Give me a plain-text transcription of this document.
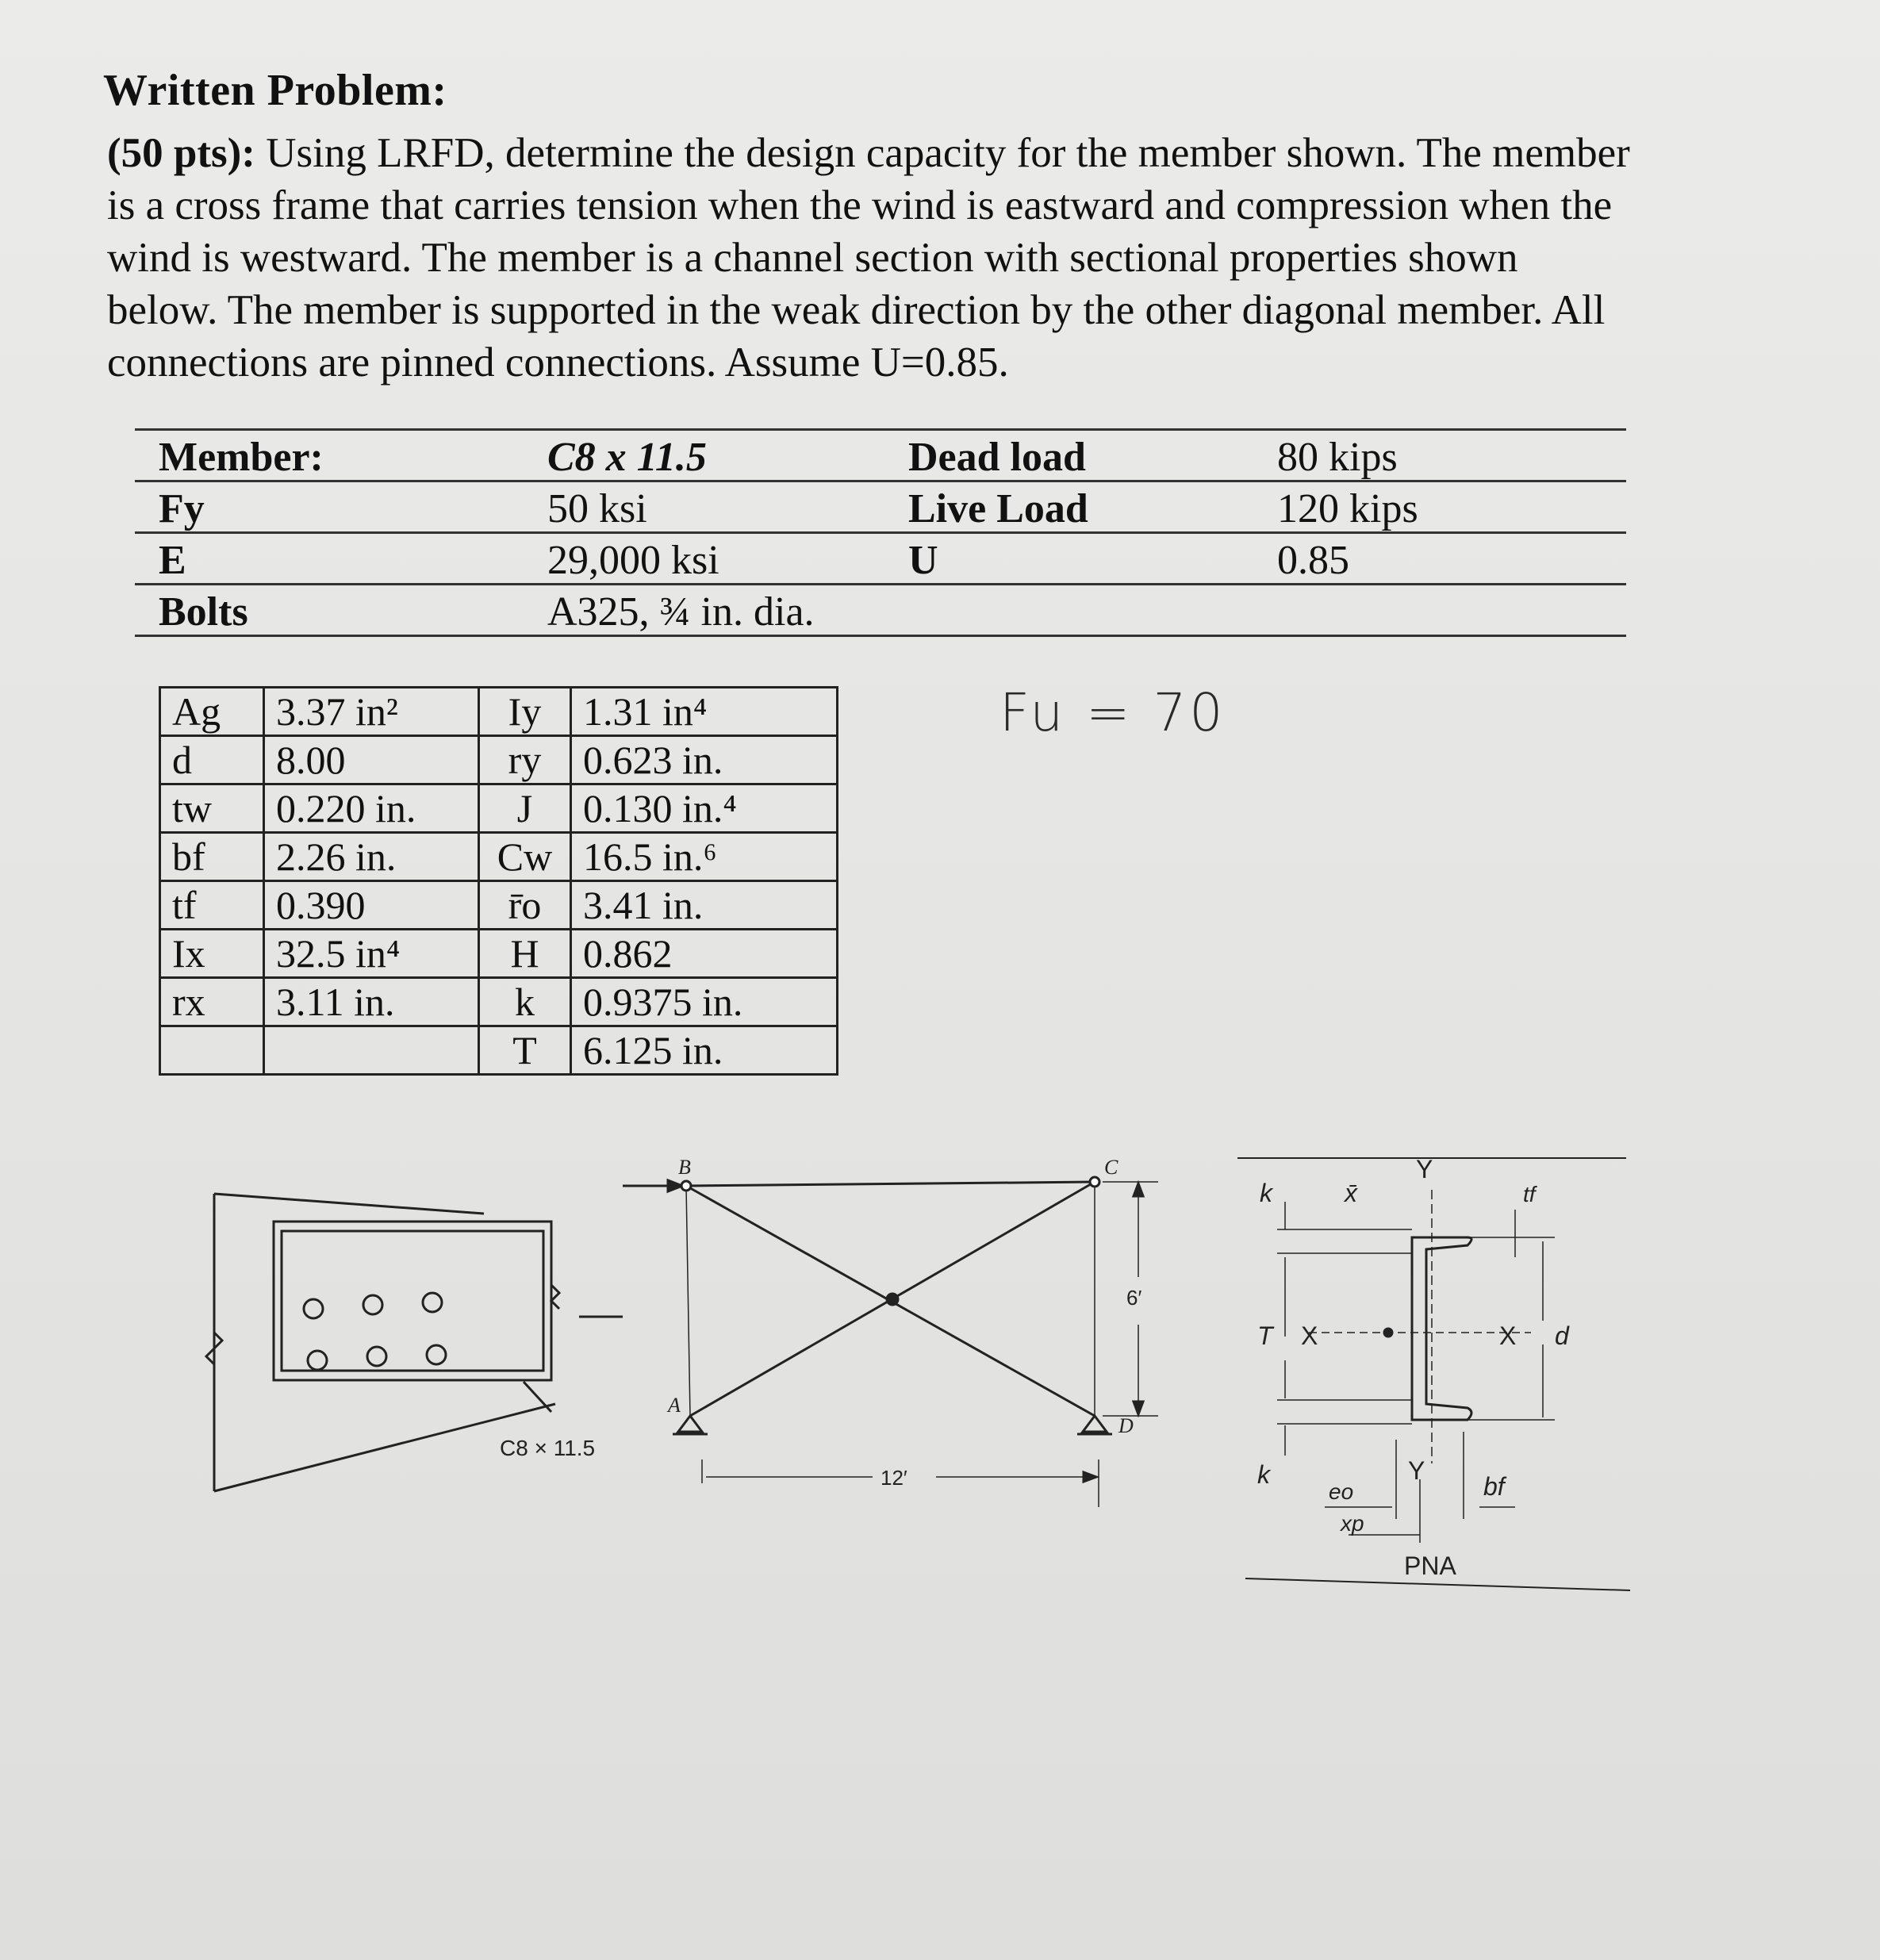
Written Problem:
(50 pts): Using LRFD, determine the design capacity for the member shown. The member is a cross frame that carries tension when the wind is eastward and compression when the wind is westward. The member is a channel section with sectional properties shown below. The member is supported in the weak direction by the other diagonal member. All connections are pinned connections. Assume U=0.85.
Member:	C8 x 11.5	Dead load	80 kips
Fy	50 ksi	Live Load	120 kips
E	29,000 ksi	U	0.85
Bolts	A325, ¾ in. dia.
Ag	3.37 in²	Iy	1.31 in⁴
d	8.00	ry	0.623 in.
tw	0.220 in.	J	0.130 in.⁴
bf	2.26 in.	Cw	16.5 in.⁶
tf	0.390	r̄o	3.41 in.
Ix	32.5 in⁴	H	0.862
rx	3.11 in.	k	0.9375 in.
		T	6.125 in.
Fu = 70
C8 × 11.5
B	C
A
D
6′
12′
k	x̄
Y
tf
T X	X d
k
eo
xp
Y
bf
PNA
